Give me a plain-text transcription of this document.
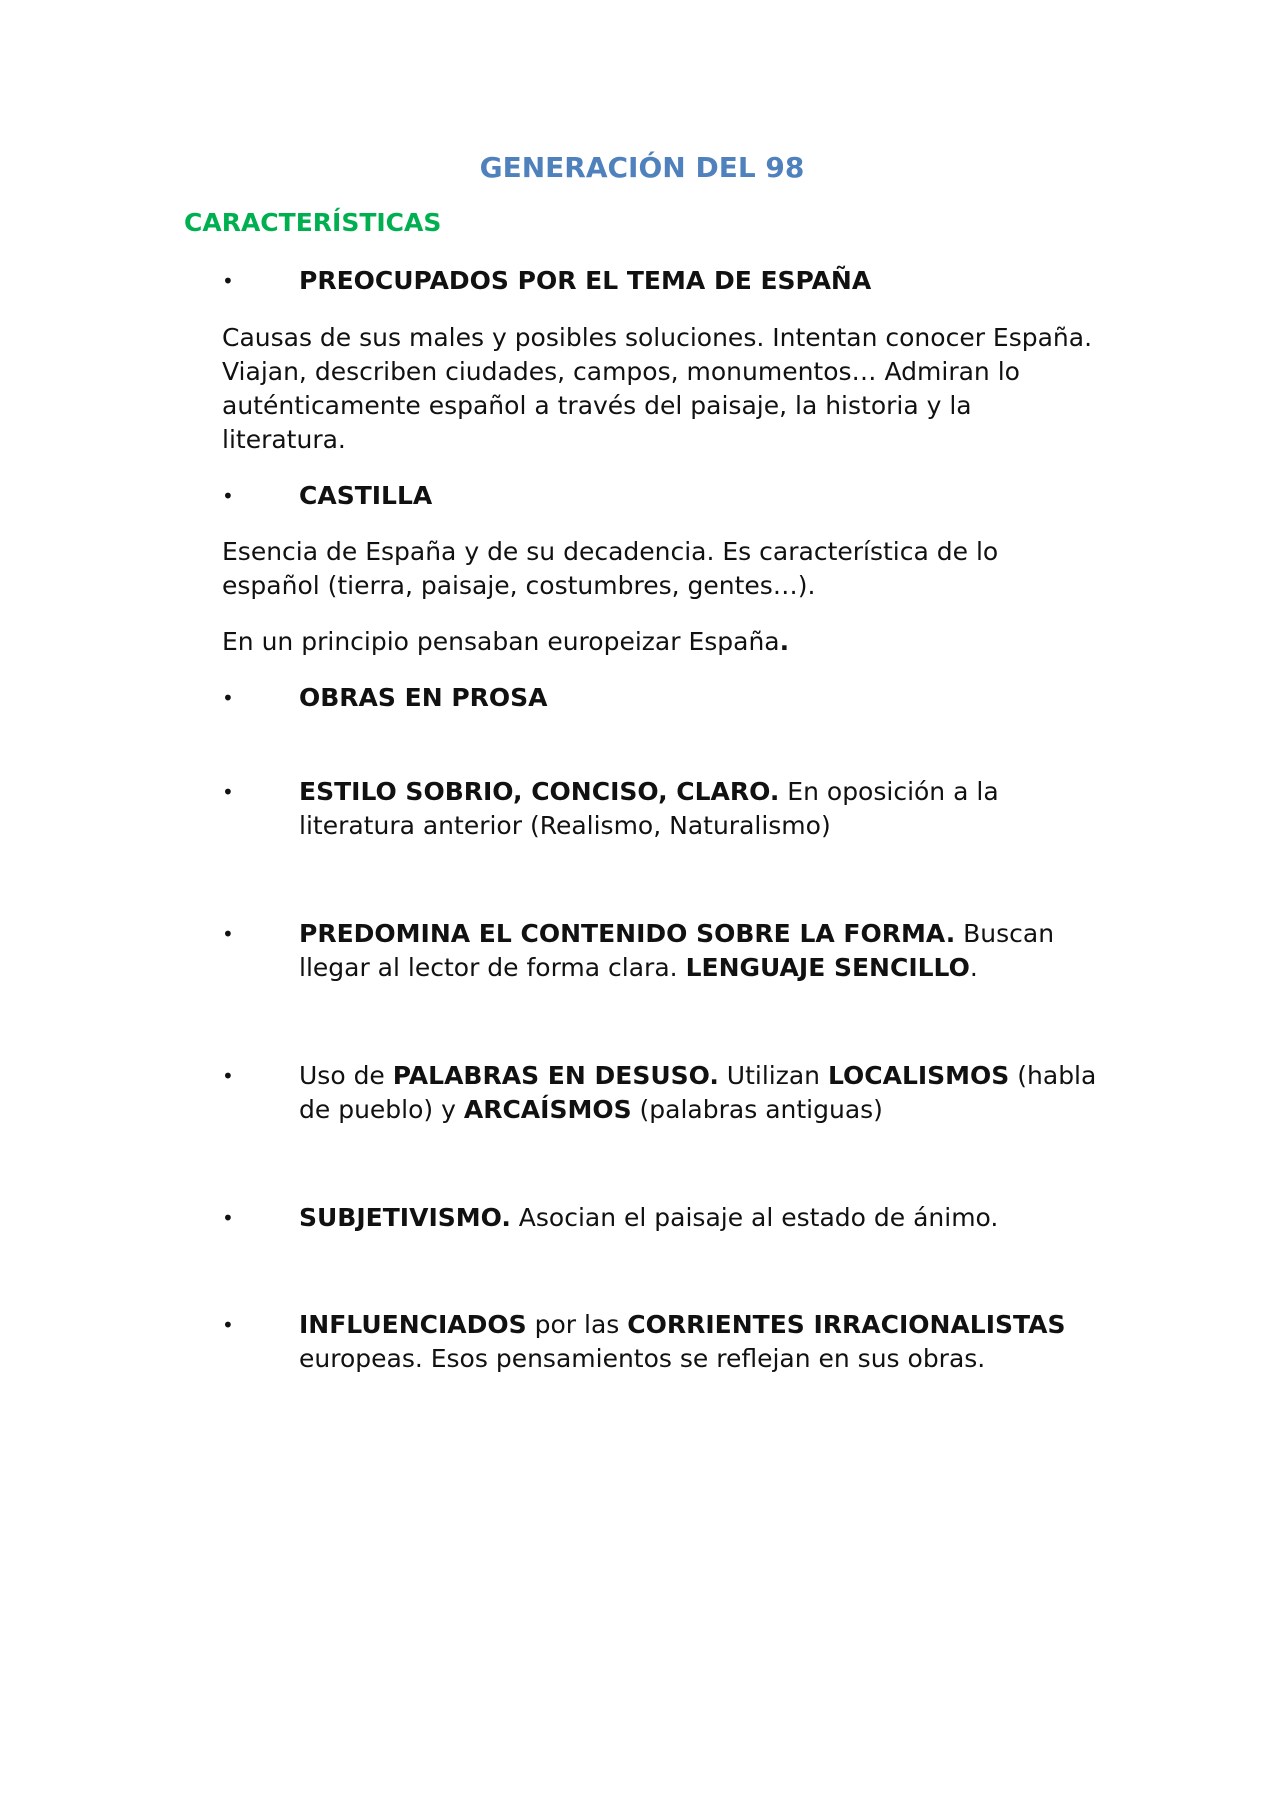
GENERACIÓN DEL 98
CARACTERÍSTICAS
•	PREOCUPADOS POR EL TEMA DE ESPAÑA
Causas de sus males y posibles soluciones. Intentan conocer España. Viajan, describen ciudades, campos, monumentos… Admiran lo auténticamente español a través del paisaje, la historia y la literatura.
•	CASTILLA
Esencia de España y de su decadencia. Es característica de lo español (tierra, paisaje, costumbres, gentes…).
En un principio pensaban europeizar España.
•	OBRAS EN PROSA
•	ESTILO SOBRIO, CONCISO, CLARO. En oposición a la literatura anterior (Realismo, Naturalismo)
•	PREDOMINA EL CONTENIDO SOBRE LA FORMA. Buscan llegar al lector de forma clara. LENGUAJE SENCILLO.
•	Uso de PALABRAS EN DESUSO. Utilizan LOCALISMOS (habla de pueblo) y ARCAÍSMOS (palabras antiguas)
•	SUBJETIVISMO. Asocian el paisaje al estado de ánimo.
•	INFLUENCIADOS por las CORRIENTES IRRACIONALISTAS europeas. Esos pensamientos se reflejan en sus obras.
